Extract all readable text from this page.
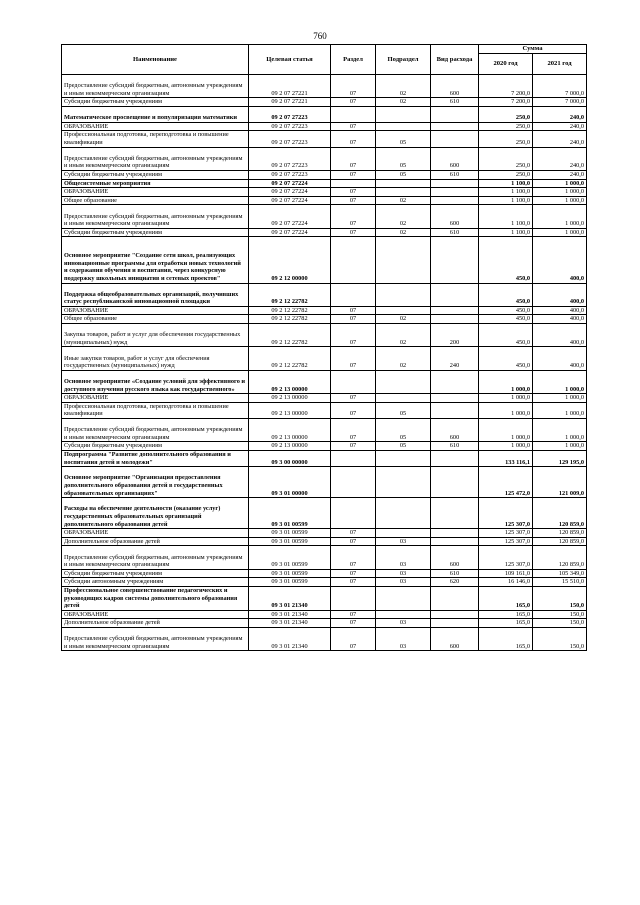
760
Наименование	Целевая статья	Раздел	Подраздел	Вид расхода	Сумма	
					2020 год	2021 год
Предоставление субсидий бюджетным, автономным учреждениям и иным некоммерческим организациям	09 2 07 27221	07	02	600	7 200,0	7 000,0
Субсидии бюджетным учреждениям	09 2 07 27221	07	02	610	7 200,0	7 000,0
Математическое просвещение и популяризация математики	09 2 07 27223				250,0	240,0
ОБРАЗОВАНИЕ	09 2 07 27223	07			250,0	240,0
Профессиональная подготовка, переподготовка и повышение квалификации	09 2 07 27223	07	05		250,0	240,0
Предоставление субсидий бюджетным, автономным учреждениям и иным некоммерческим организациям	09 2 07 27223	07	05	600	250,0	240,0
Субсидии бюджетным учреждениям	09 2 07 27223	07	05	610	250,0	240,0
Общесистемные мероприятия	09 2 07 27224				1 100,0	1 000,0
ОБРАЗОВАНИЕ	09 2 07 27224	07			1 100,0	1 000,0
Общее образование	09 2 07 27224	07	02		1 100,0	1 000,0
Предоставление субсидий бюджетным, автономным учреждениям и иным некоммерческим организациям	09 2 07 27224	07	02	600	1 100,0	1 000,0
Субсидии бюджетным учреждениям	09 2 07 27224	07	02	610	1 100,0	1 000,0
Основное мероприятие "Создание сети школ, реализующих инновационные программы для отработки новых технологий и содержания обучения и воспитания, через конкурсную поддержку школьных инициатив и сетевых проектов"	09 2 12 00000				450,0	400,0
Поддержка общеобразовательных организаций, получивших статус республиканской инновационной площадки	09 2 12 22782				450,0	400,0
ОБРАЗОВАНИЕ	09 2 12 22782	07			450,0	400,0
Общее образование	09 2 12 22782	07	02		450,0	400,0
Закупка товаров, работ и услуг для обеспечения государственных (муниципальных) нужд	09 2 12 22782	07	02	200	450,0	400,0
Иные закупки товаров, работ и услуг для обеспечения государственных (муниципальных) нужд	09 2 12 22782	07	02	240	450,0	400,0
Основное мероприятие «Создание условий для эффективного и доступного изучения русского языка как государственного»	09 2 13 00000				1 000,0	1 000,0
ОБРАЗОВАНИЕ	09 2 13 00000	07			1 000,0	1 000,0
Профессиональная подготовка, переподготовка и повышение квалификации	09 2 13 00000	07	05		1 000,0	1 000,0
Предоставление субсидий бюджетным, автономным учреждениям и иным некоммерческим организациям	09 2 13 00000	07	05	600	1 000,0	1 000,0
Субсидии бюджетным учреждениям	09 2 13 00000	07	05	610	1 000,0	1 000,0
Подпрограмма "Развитие дополнительного образования и воспитания детей и молодежи"	09 3 00 00000				133 116,1	129 195,0
Основное мероприятие "Организация предоставления дополнительного образования детей в государственных образовательных организациях"	09 3 01 00000				125 472,0	121 009,0
Расходы на обеспечение деятельности (оказание услуг) государственных образовательных организаций дополнительного образования детей	09 3 01 00599				125 307,0	120 859,0
ОБРАЗОВАНИЕ	09 3 01 00599	07			125 307,0	120 859,0
Дополнительное образование детей	09 3 01 00599	07	03		125 307,0	120 859,0
Предоставление субсидий бюджетным, автономным учреждениям и иным некоммерческим организациям	09 3 01 00599	07	03	600	125 307,0	120 859,0
Субсидии бюджетным учреждениям	09 3 01 00599	07	03	610	109 161,0	105 349,0
Субсидии автономным учреждениям	09 3 01 00599	07	03	620	16 146,0	15 510,0
Профессиональное совершенствование педагогических и руководящих кадров системы дополнительного образования детей	09 3 01 21340				165,0	150,0
ОБРАЗОВАНИЕ	09 3 01 21340	07			165,0	150,0
Дополнительное образование детей	09 3 01 21340	07	03		165,0	150,0
Предоставление субсидий бюджетным, автономным учреждениям и иным некоммерческим организациям	09 3 01 21340	07	03	600	165,0	150,0
